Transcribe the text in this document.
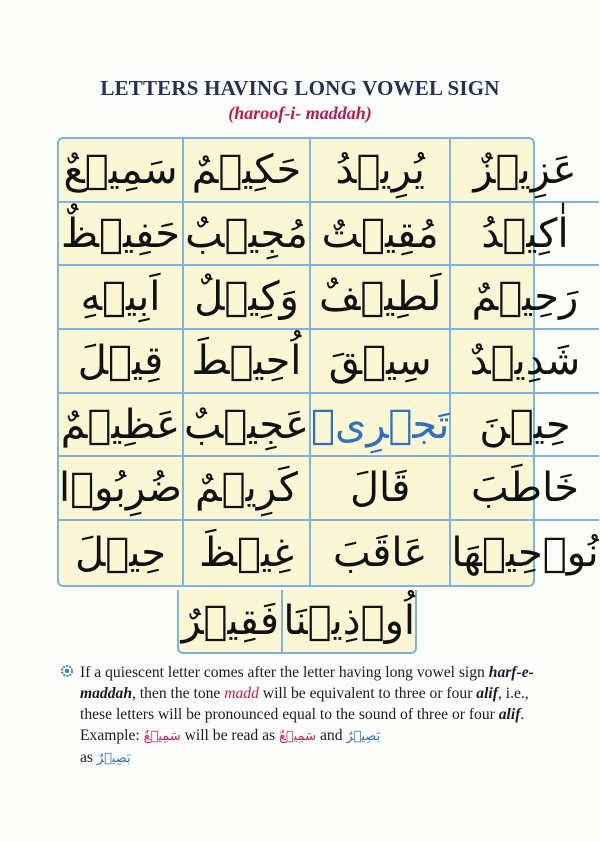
LETTERS HAVING LONG VOWEL SIGN
(haroof-i- maddah)
سَمِيۡعٌ حَكِيۡمٌ يُرِيۡدُ عَزِيۡزٌ
حَفِيۡظٌ مُجِيۡبٌ مُقِيۡتٌ اٰكِيۡدُ
اَبِيۡهِ وَكِيۡلٌ لَطِيۡفٌ رَحِيۡمٌ
قِيۡلَ اُحِيۡطَ سِيۡقَ شَدِيۡدٌ
عَظِيۡمٌ عَجِيۡبٌ تَجۡرِىۡ حِيۡنَ
ضُرِبُوۡا كَرِيۡمٌ قَالَ خَاطَبَ
حِيۡلَ غِيۡظَ عَاقَبَ نُوۡحِيۡهَا
فَقِيۡرٌ اُوۡذِيۡنَا
If a quiescent letter comes after the letter having long vowel sign harf-e-maddah, then the tone madd will be equivalent to three or four alif, i.e., these letters will be pronounced equal to the sound of three or four alif. Example: سَمِيۡعٌ will be read as سَمِيۡعٌ and بَصِيۡرٌ
as بَصِيۡرٌ
